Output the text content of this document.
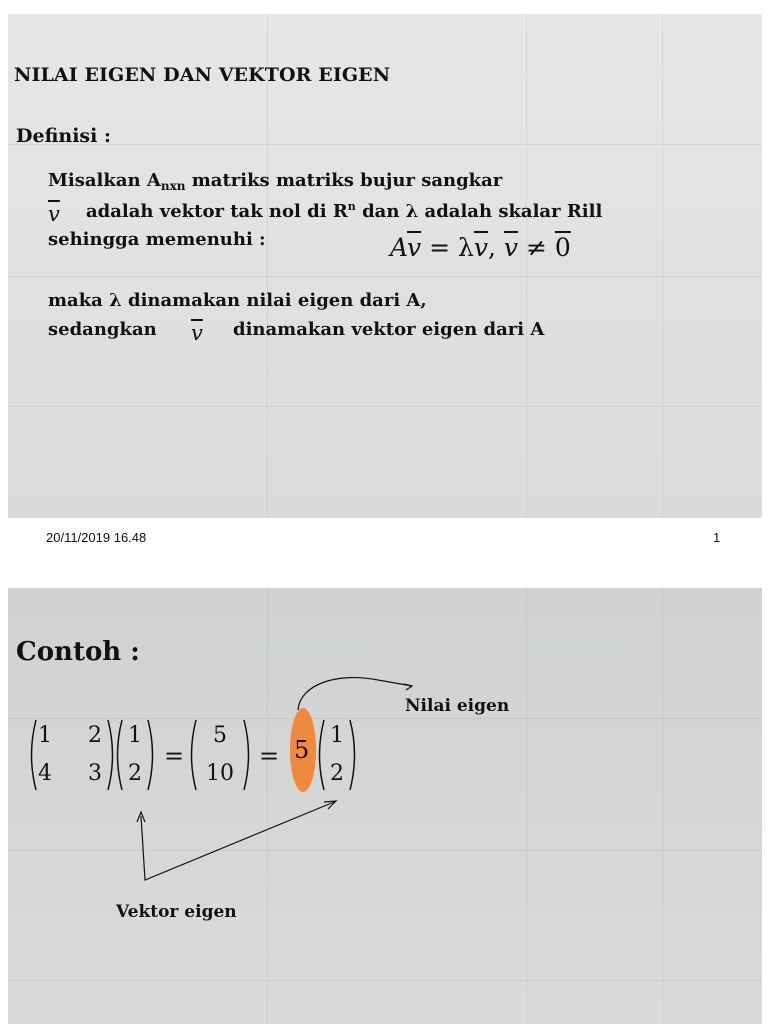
NILAI EIGEN DAN VEKTOR EIGEN
Definisi :

Misalkan $A_{nxn}$ matriks matriks bujur sangkar

$\overline{v}$ adalah vektor tak nol di $R^n$ dan λ adalah skalar Rill

sehingga memenuhi :	$A\overline{v} = \lambda\overline{v}$, $\overline{v} \ne 0$

maka λ dinamakan nilai eigen dari A,

sedangkan $\overline{v}$ dinamakan vektor eigen dari A

20/11/2019 16.48	1
Contoh :
1	2
4	3
1
2
=
5
10
= 5
1
2
Nilai eigen
Vektor eigen
